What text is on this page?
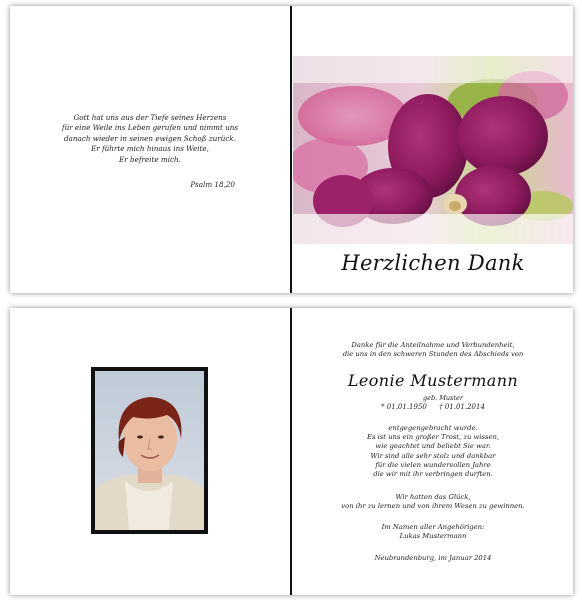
Gott hat uns aus der Tiefe seines Herzens
für eine Weile ins Leben gerufen und nimmt uns
danach wieder in seinen ewigen Schoß zurück.
Er führte mich hinaus ins Weite,
Er befreite mich.
Psalm 18,20
Herzlichen Dank
Danke für die Anteilnahme und Verbundenheit,
die uns in den schweren Stunden des Abschieds von
Leonie Mustermann
geb. Muster
* 01.01.1950 † 01.01.2014
entgegengebracht wurde.
Es ist uns ein großer Trost, zu wissen,
wie geachtet und beliebt Sie war.
Wir sind alle sehr stolz und dankbar
für die vielen wundervollen Jahre
die wir mit ihr verbringen durften.
Wir hatten das Glück,
von ihr zu lernen und von ihrem Wesen zu gewinnen.
Im Namen aller Angehörigen:
Lukas Mustermann
Neubrandenburg, im Januar 2014
